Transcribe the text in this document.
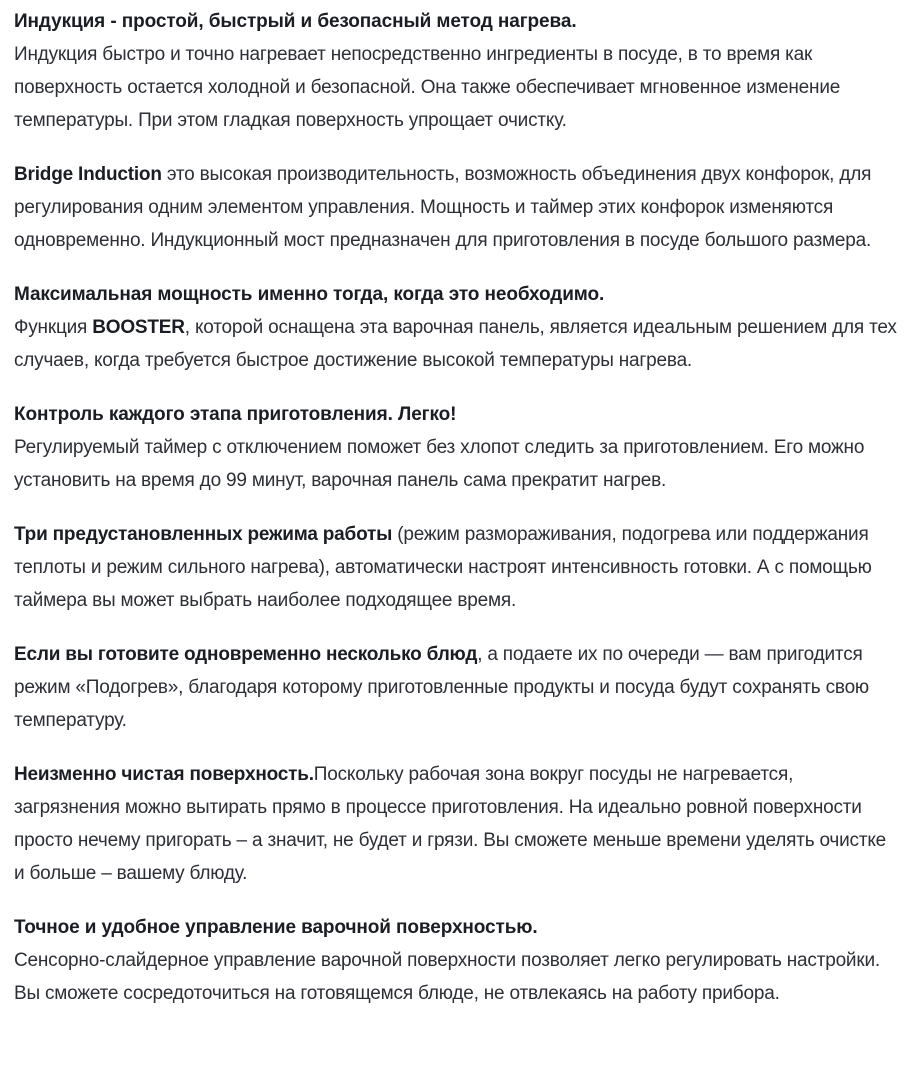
Индукция - простой, быстрый и безопасный метод нагрева.
Индукция быстро и точно нагревает непосредственно ингредиенты в посуде, в то время как поверхность остается холодной и безопасной. Она также обеспечивает мгновенное изменение температуры. При этом гладкая поверхность упрощает очистку.

Bridge Induction это высокая производительность, возможность объединения двух конфорок, для регулирования одним элементом управления. Мощность и таймер этих конфорок изменяются одновременно. Индукционный мост предназначен для приготовления в посуде большого размера.

Максимальная мощность именно тогда, когда это необходимо.
Функция BOOSTER, которой оснащена эта варочная панель, является идеальным решением для тех случаев, когда требуется быстрое достижение высокой температуры нагрева.

Контроль каждого этапа приготовления. Легко!
Регулируемый таймер с отключением поможет без хлопот следить за приготовлением. Его можно установить на время до 99 минут, варочная панель сама прекратит нагрев.

Три предустановленных режима работы (режим размораживания, подогрева или поддержания теплоты и режим сильного нагрева), автоматически настроят интенсивность готовки. А с помощью таймера вы может выбрать наиболее подходящее время.

Если вы готовите одновременно несколько блюд, а подаете их по очереди — вам пригодится режим «Подогрев», благодаря которому приготовленные продукты и посуда будут сохранять свою температуру.

Неизменно чистая поверхность.Поскольку рабочая зона вокруг посуды не нагревается, загрязнения можно вытирать прямо в процессе приготовления. На идеально ровной поверхности просто нечему пригорать – а значит, не будет и грязи. Вы сможете меньше времени уделять очистке и больше – вашему блюду.

Точное и удобное управление варочной поверхностью.
Сенсорно-слайдерное управление варочной поверхности позволяет легко регулировать настройки. Вы сможете сосредоточиться на готовящемся блюде, не отвлекаясь на работу прибора.
